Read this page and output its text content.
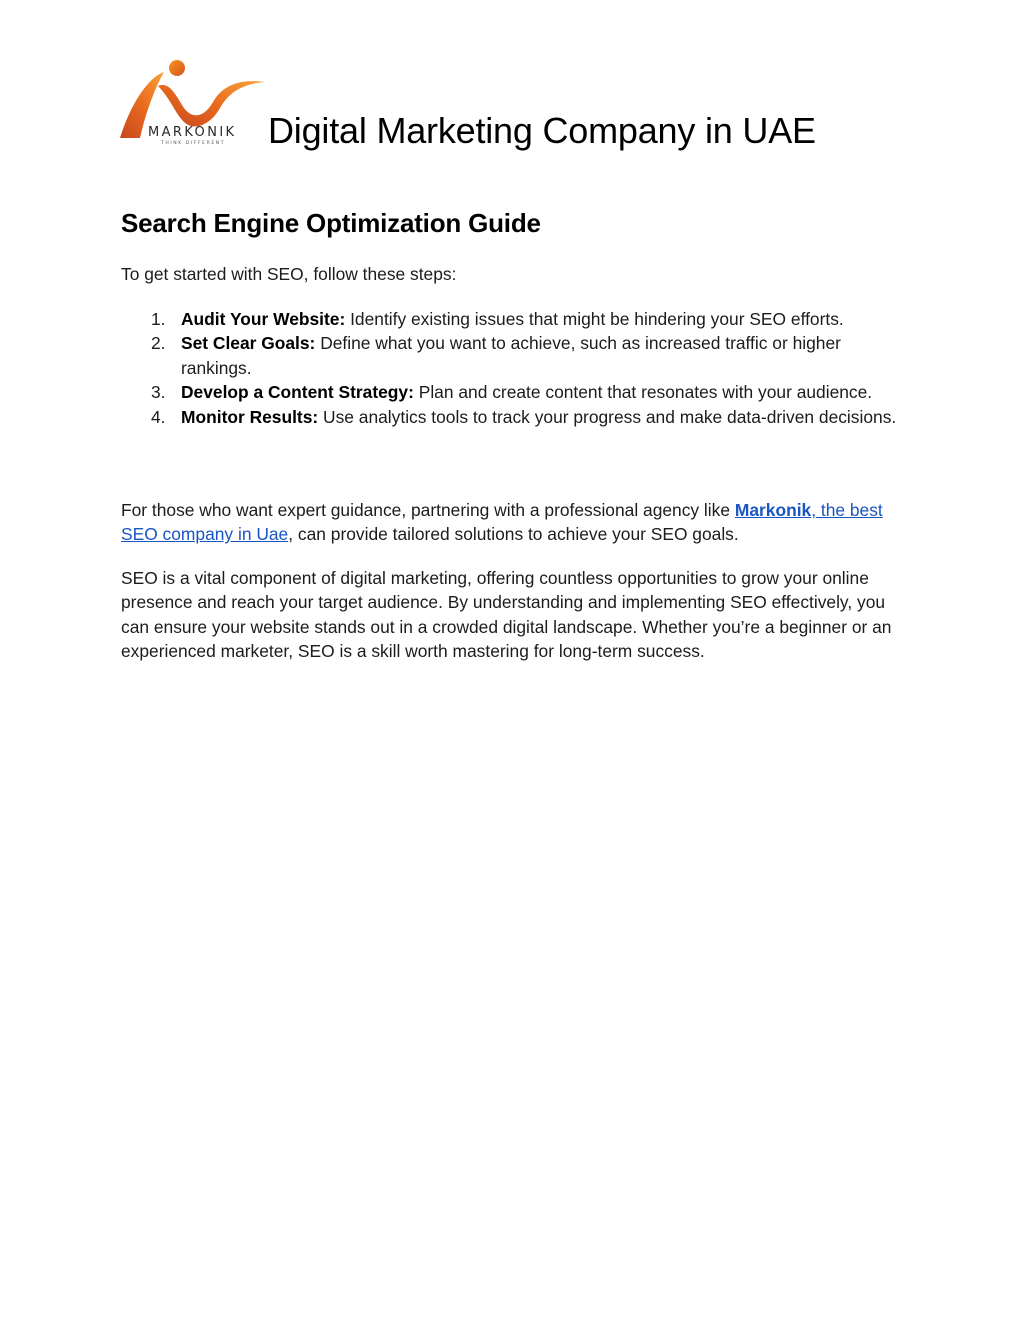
MARKONIK
THINK DIFFERENT Digital Marketing Company in UAE
Search Engine Optimization Guide

To get started with SEO, follow these steps:

1. Audit Your Website: Identify existing issues that might be hindering your SEO efforts.
2. Set Clear Goals: Define what you want to achieve, such as increased traffic or higher rankings.
3. Develop a Content Strategy: Plan and create content that resonates with your audience.
4. Monitor Results: Use analytics tools to track your progress and make data-driven decisions.

For those who want expert guidance, partnering with a professional agency like Markonik, the best SEO company in Uae, can provide tailored solutions to achieve your SEO goals.

SEO is a vital component of digital marketing, offering countless opportunities to grow your online presence and reach your target audience. By understanding and implementing SEO effectively, you can ensure your website stands out in a crowded digital landscape. Whether you’re a beginner or an experienced marketer, SEO is a skill worth mastering for long-term success.
